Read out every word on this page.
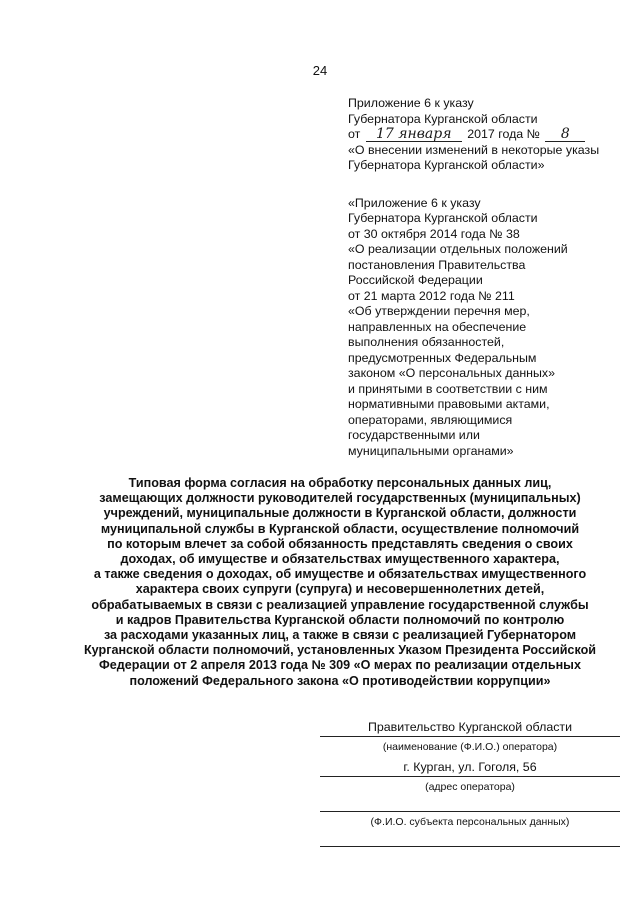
24
Приложение 6 к указу
Губернатора Курганской области
от 17 января 2017 года № 8
«О внесении изменений в некоторые указы
Губернатора Курганской области»
«Приложение 6 к указу
Губернатора Курганской области
от 30 октября 2014 года № 38
«О реализации отдельных положений
постановления Правительства
Российской Федерации
от 21 марта 2012 года № 211
«Об утверждении перечня мер,
направленных на обеспечение
выполнения обязанностей,
предусмотренных Федеральным
законом «О персональных данных»
и принятыми в соответствии с ним
нормативными правовыми актами,
операторами, являющимися
государственными или
муниципальными органами»
Типовая форма согласия на обработку персональных данных лиц,
замещающих должности руководителей государственных (муниципальных)
учреждений, муниципальные должности в Курганской области, должности
муниципальной службы в Курганской области, осуществление полномочий
по которым влечет за собой обязанность представлять сведения о своих
доходах, об имуществе и обязательствах имущественного характера,
а также сведения о доходах, об имуществе и обязательствах имущественного
характера своих супруги (супруга) и несовершеннолетних детей,
обрабатываемых в связи с реализацией управление государственной службы
и кадров Правительства Курганской области полномочий по контролю
за расходами указанных лиц, а также в связи с реализацией Губернатором
Курганской области полномочий, установленных Указом Президента Российской
Федерации от 2 апреля 2013 года № 309 «О мерах по реализации отдельных
положений Федерального закона «О противодействии коррупции»
Правительство Курганской области
(наименование (Ф.И.О.) оператора)
г. Курган, ул. Гоголя, 56
(адрес оператора)
(Ф.И.О. субъекта персональных данных)
